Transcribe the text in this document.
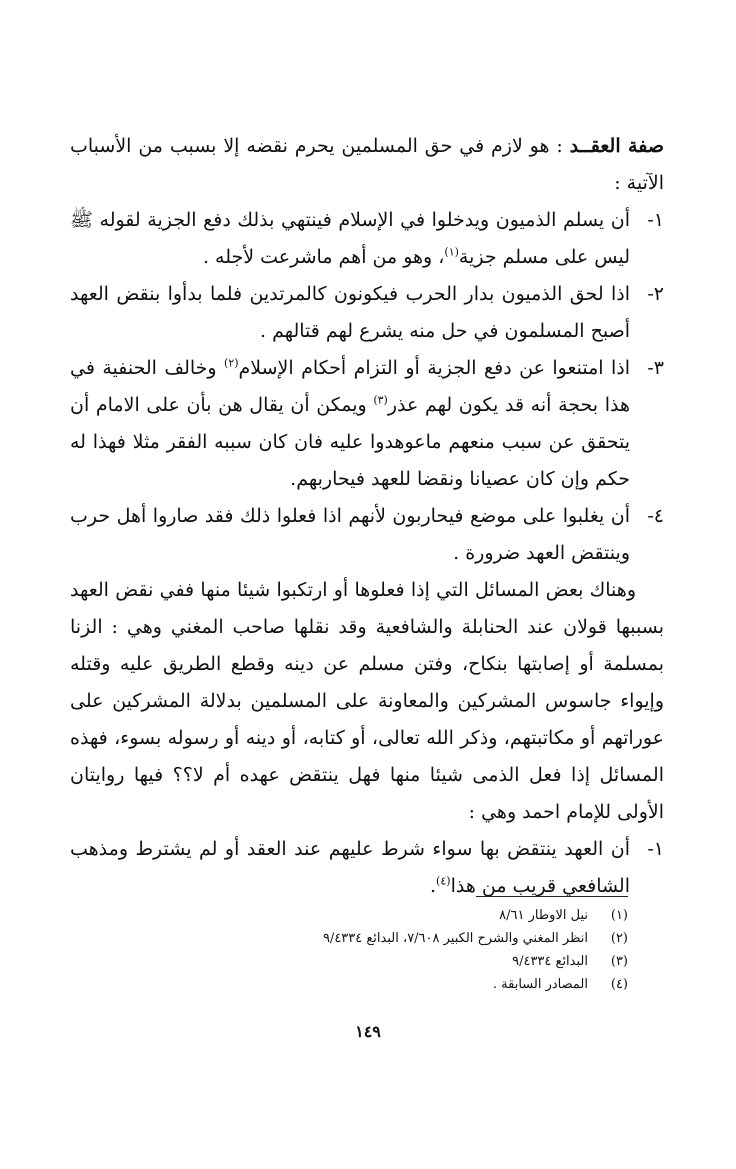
صفة العقــد : هو لازم في حق المسلمين يحرم نقضه إلا بسبب من الأسباب الآتية :

١-
أن يسلم الذميون ويدخلوا في الإسلام فينتهي بذلك دفع الجزية لقوله ﷺ ليس على مسلم جزية$^{(١)}$، وهو من أهم ماشرعت لأجله .
٢-
اذا لحق الذميون بدار الحرب فيكونون كالمرتدين فلما بدأوا بنقض العهد أصبح المسلمون في حل منه يشرع لهم قتالهم .
٣-
اذا امتنعوا عن دفع الجزية أو التزام أحكام الإسلام$^{(٢)}$ وخالف الحنفية في هذا بحجة أنه قد يكون لهم عذر$^{(٣)}$ ويمكن أن يقال هن بأن على الامام أن يتحقق عن سبب منعهم ماعوهدوا عليه فان كان سببه الفقر مثلا فهذا له حكم وإن كان عصيانا ونقضا للعهد فيحاربهم.
٤-
أن يغلبوا على موضع فيحاربون لأنهم اذا فعلوا ذلك فقد صاروا أهل حرب وينتقض العهد ضرورة .

وهناك بعض المسائل التي إذا فعلوها أو ارتكبوا شيئا منها ففي نقض العهد بسببها قولان عند الحنابلة والشافعية وقد نقلها صاحب المغني وهي : الزنا بمسلمة أو إصابتها بنكاح، وفتن مسلم عن دينه وقطع الطريق عليه وقتله وإيواء جاسوس المشركين والمعاونة على المسلمين بدلالة المشركين على عوراتهم أو مكاتبتهم، وذكر الله تعالى، أو كتابه، أو دينه أو رسوله بسوء، فهذه المسائل إذا فعل الذمى شيئا منها فهل ينتقض عهده أم لا؟؟ فيها روايتان الأولى للإمام احمد وهي :

١-
أن العهد ينتقض بها سواء شرط عليهم عند العقد أو لم يشترط ومذهب الشافعي قريب من هذا$^{(٤)}$.
(١)
نيل الاوطار ٨/٦١
(٢)
انظر المغني والشرح الكبير ٧/٦٠٨، البدائع ٩/٤٣٣٤
(٣)
البدائع ٩/٤٣٣٤
(٤)
المصادر السابقة .
١٤٩
